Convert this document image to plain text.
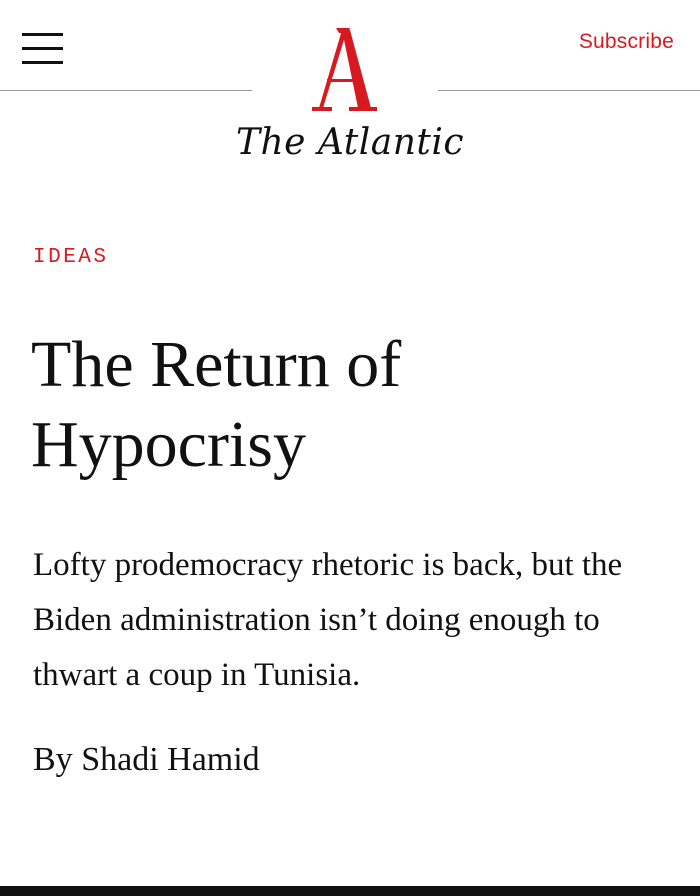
Subscribe
The Atlantic
IDEAS
The Return of Hypocrisy

Lofty prodemocracy rhetoric is back, but the Biden administration isn’t doing enough to thwart a coup in Tunisia.

By Shadi Hamid
